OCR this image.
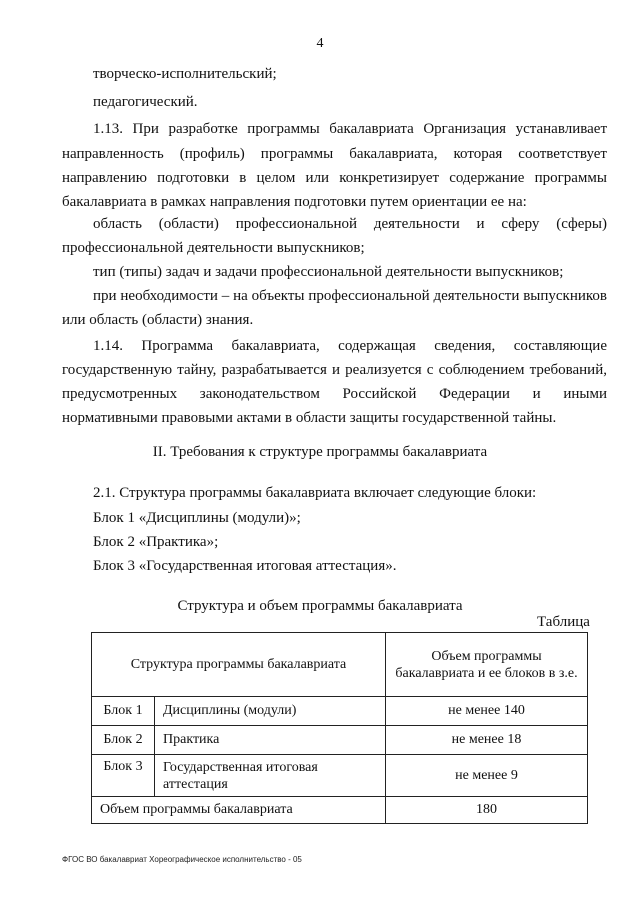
4
творческо-исполнительский;
педагогический.
1.13. При разработке программы бакалавриата Организация устанавливает
направленность (профиль) программы бакалавриата, которая соответствует
направлению подготовки в целом или конкретизирует содержание программы
бакалавриата в рамках направления подготовки путем ориентации ее на:
область (области) профессиональной деятельности и сферу (сферы)
профессиональной деятельности выпускников;
тип (типы) задач и задачи профессиональной деятельности выпускников;
при необходимости – на объекты профессиональной деятельности выпускников
или область (области) знания.
1.14. Программа бакалавриата, содержащая сведения, составляющие
государственную тайну, разрабатывается и реализуется с соблюдением требований,
предусмотренных законодательством Российской Федерации и иными
нормативными правовыми актами в области защиты государственной тайны.
II. Требования к структуре программы бакалавриата
2.1. Структура программы бакалавриата включает следующие блоки:
Блок 1 «Дисциплины (модули)»;
Блок 2 «Практика»;
Блок 3 «Государственная итоговая аттестация».
Структура и объем программы бакалавриата
Таблица
Структура программы бакалавриата		Объем программы бакалавриата и ее блоков в з.е.
Блок 1	Дисциплины (модули)	не менее 140
Блок 2	Практика	не менее 18
Блок 3	Государственная итоговая аттестация	не менее 9
Объем программы бакалавриата		180
ФГОС ВО бакалавриат Хореографическое исполнительство - 05
